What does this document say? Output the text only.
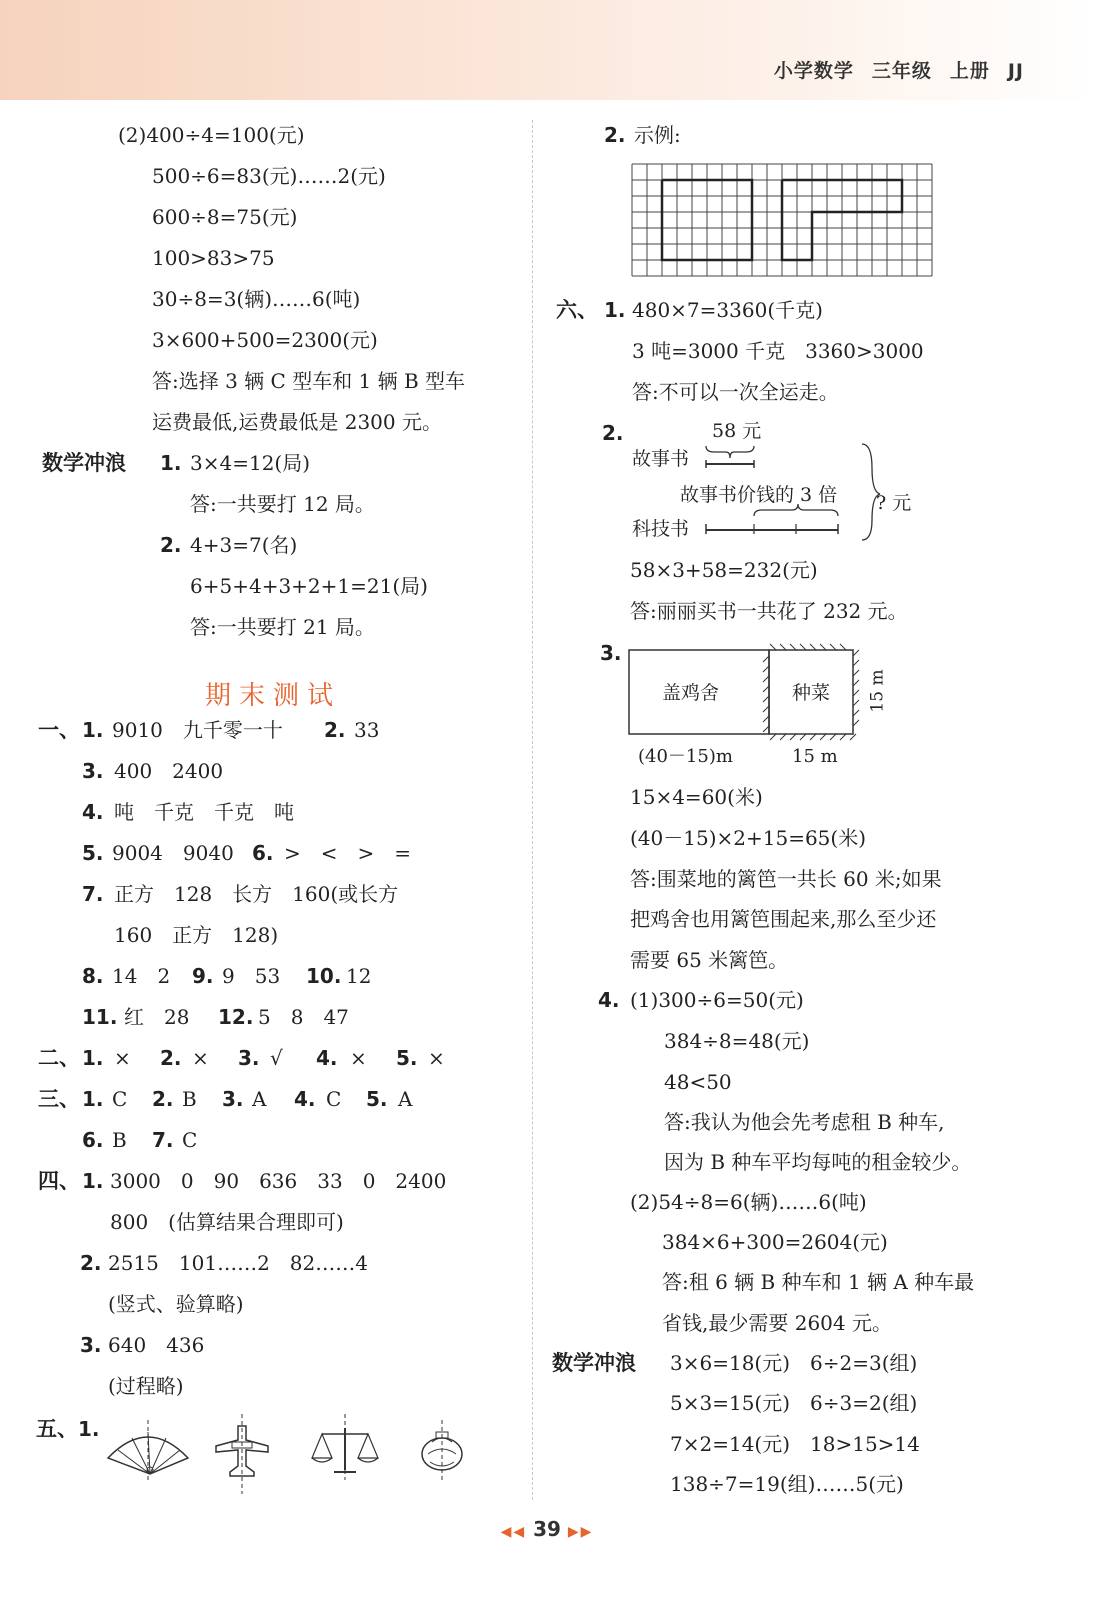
小学数学 三年级 上册 JJ
(2)400÷4=100(元)
500÷6=83(元)……2(元)
600÷8=75(元)
100>83>75
30÷8=3(辆)……6(吨)
3×600+500=2300(元)
答:选择 3 辆 C 型车和 1 辆 B 型车
运费最低,运费最低是 2300 元。
数学冲浪 1. 3×4=12(局)
答:一共要打 12 局。
2. 4+3=7(名)
6+5+4+3+2+1=21(局)
答:一共要打 21 局。
期末测试
一、 1. 9010　九千零一十 2. 33
3. 400　2400
4. 吨　千克　千克　吨
5. 9004　9040 6. >　<　>　=
7. 正方　128　长方　160(或长方
160　正方　128)
8. 14　2 9. 9　53 10. 12
11. 红　28 12. 5　8　47
二、 1. × 2. × 3. √ 4. × 5. ×
三、 1. C 2. B 3. A 4. C 5. A
6. B 7. C
四、 1. 3000　0　90　636　33　0　2400
800　(估算结果合理即可)
2. 2515　101……2　82……4
(竖式、验算略)
3. 640　436
(过程略)
五、 1.
2. 示例:
六、 1. 480×7=3360(千克)
3 吨=3000 千克　3360>3000
答:不可以一次全运走。
2.	58 元
故事书
故事书价钱的 3 倍
科技书
? 元
58×3+58=232(元)
答:丽丽买书一共花了 232 元。
3.
盖鸡舍	种菜 15 m
(40－15)m	15 m
15×4=60(米)
(40－15)×2+15=65(米)
答:围菜地的篱笆一共长 60 米;如果
把鸡舍也用篱笆围起来,那么至少还
需要 65 米篱笆。
4. (1)300÷6=50(元)
384÷8=48(元)
48<50
答:我认为他会先考虑租 B 种车,
因为 B 种车平均每吨的租金较少。
(2)54÷8=6(辆)……6(吨)
384×6+300=2604(元)
答:租 6 辆 B 种车和 1 辆 A 种车最
省钱,最少需要 2604 元。
数学冲浪 3×6=18(元)　6÷2=3(组)
5×3=15(元)　6÷3=2(组)
7×2=14(元)　18>15>14
138÷7=19(组)……5(元)
◀◀ 39 ▶▶
